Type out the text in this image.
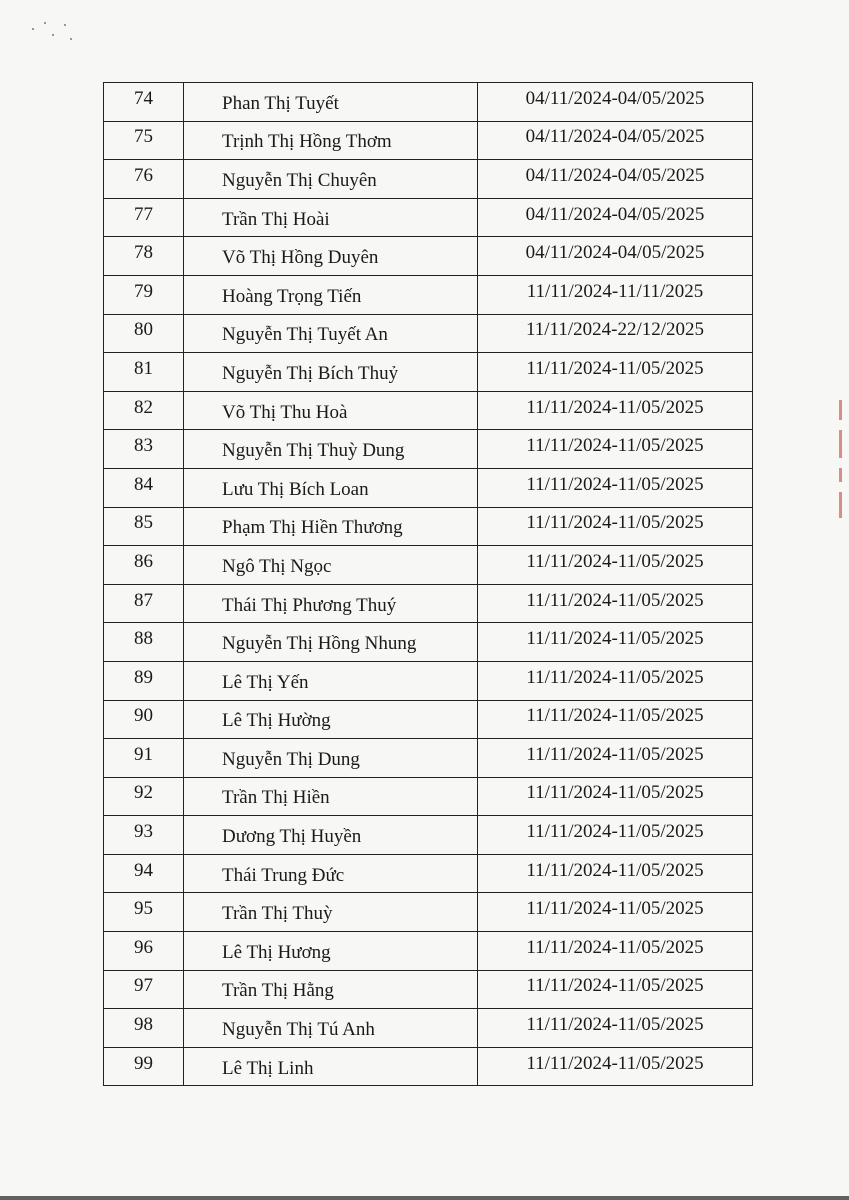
74	Phan Thị Tuyết	04/11/2024-04/05/2025
75	Trịnh Thị Hồng Thơm	04/11/2024-04/05/2025
76	Nguyễn Thị Chuyên	04/11/2024-04/05/2025
77	Trần Thị Hoài	04/11/2024-04/05/2025
78	Võ Thị Hồng Duyên	04/11/2024-04/05/2025
79	Hoàng Trọng Tiến	11/11/2024-11/11/2025
80	Nguyễn Thị Tuyết An	11/11/2024-22/12/2025
81	Nguyễn Thị Bích Thuỷ	11/11/2024-11/05/2025
82	Võ Thị Thu Hoà	11/11/2024-11/05/2025
83	Nguyễn Thị Thuỳ Dung	11/11/2024-11/05/2025
84	Lưu Thị Bích Loan	11/11/2024-11/05/2025
85	Phạm Thị Hiền Thương	11/11/2024-11/05/2025
86	Ngô Thị Ngọc	11/11/2024-11/05/2025
87	Thái Thị Phương Thuý	11/11/2024-11/05/2025
88	Nguyễn Thị Hồng Nhung	11/11/2024-11/05/2025
89	Lê Thị Yến	11/11/2024-11/05/2025
90	Lê Thị Hường	11/11/2024-11/05/2025
91	Nguyễn Thị Dung	11/11/2024-11/05/2025
92	Trần Thị Hiền	11/11/2024-11/05/2025
93	Dương Thị Huyền	11/11/2024-11/05/2025
94	Thái Trung Đức	11/11/2024-11/05/2025
95	Trần Thị Thuỳ	11/11/2024-11/05/2025
96	Lê Thị Hương	11/11/2024-11/05/2025
97	Trần Thị Hằng	11/11/2024-11/05/2025
98	Nguyễn Thị Tú Anh	11/11/2024-11/05/2025
99	Lê Thị Linh	11/11/2024-11/05/2025
